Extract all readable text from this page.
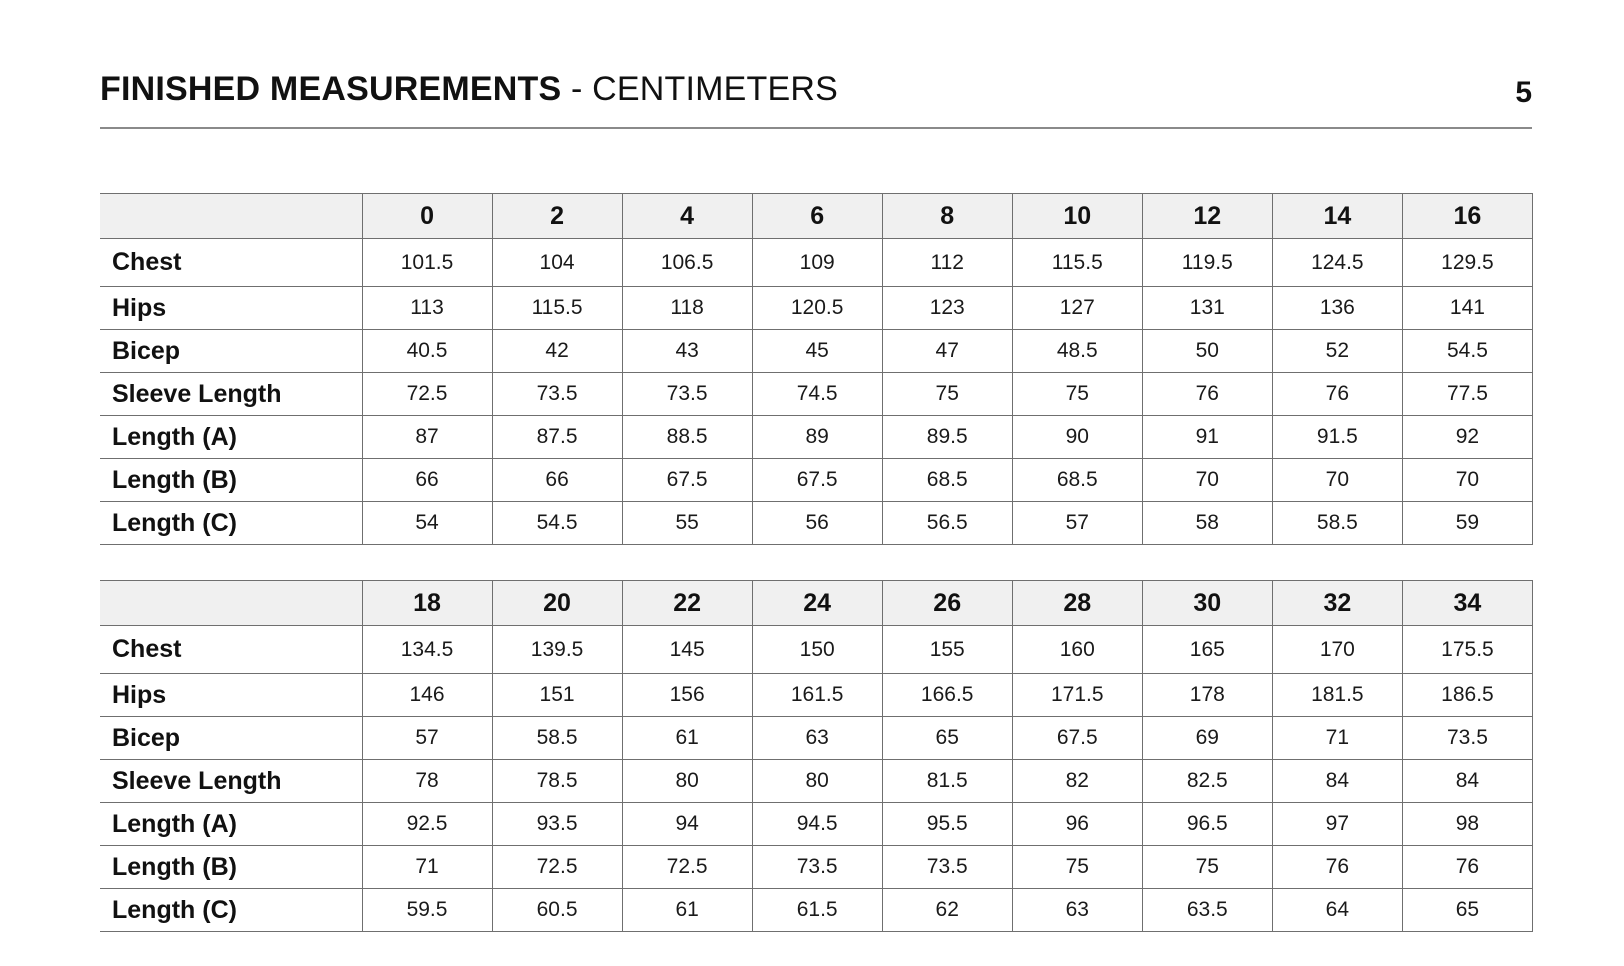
FINISHED MEASUREMENTS - CENTIMETERS	5
	0	2	4	6	8	10	12	14	16
Chest	101.5	104	106.5	109	112	115.5	119.5	124.5	129.5
Hips	113	115.5	118	120.5	123	127	131	136	141
Bicep	40.5	42	43	45	47	48.5	50	52	54.5
Sleeve Length	72.5	73.5	73.5	74.5	75	75	76	76	77.5
Length (A)	87	87.5	88.5	89	89.5	90	91	91.5	92
Length (B)	66	66	67.5	67.5	68.5	68.5	70	70	70
Length (C)	54	54.5	55	56	56.5	57	58	58.5	59
	18	20	22	24	26	28	30	32	34
Chest	134.5	139.5	145	150	155	160	165	170	175.5
Hips	146	151	156	161.5	166.5	171.5	178	181.5	186.5
Bicep	57	58.5	61	63	65	67.5	69	71	73.5
Sleeve Length	78	78.5	80	80	81.5	82	82.5	84	84
Length (A)	92.5	93.5	94	94.5	95.5	96	96.5	97	98
Length (B)	71	72.5	72.5	73.5	73.5	75	75	76	76
Length (C)	59.5	60.5	61	61.5	62	63	63.5	64	65
